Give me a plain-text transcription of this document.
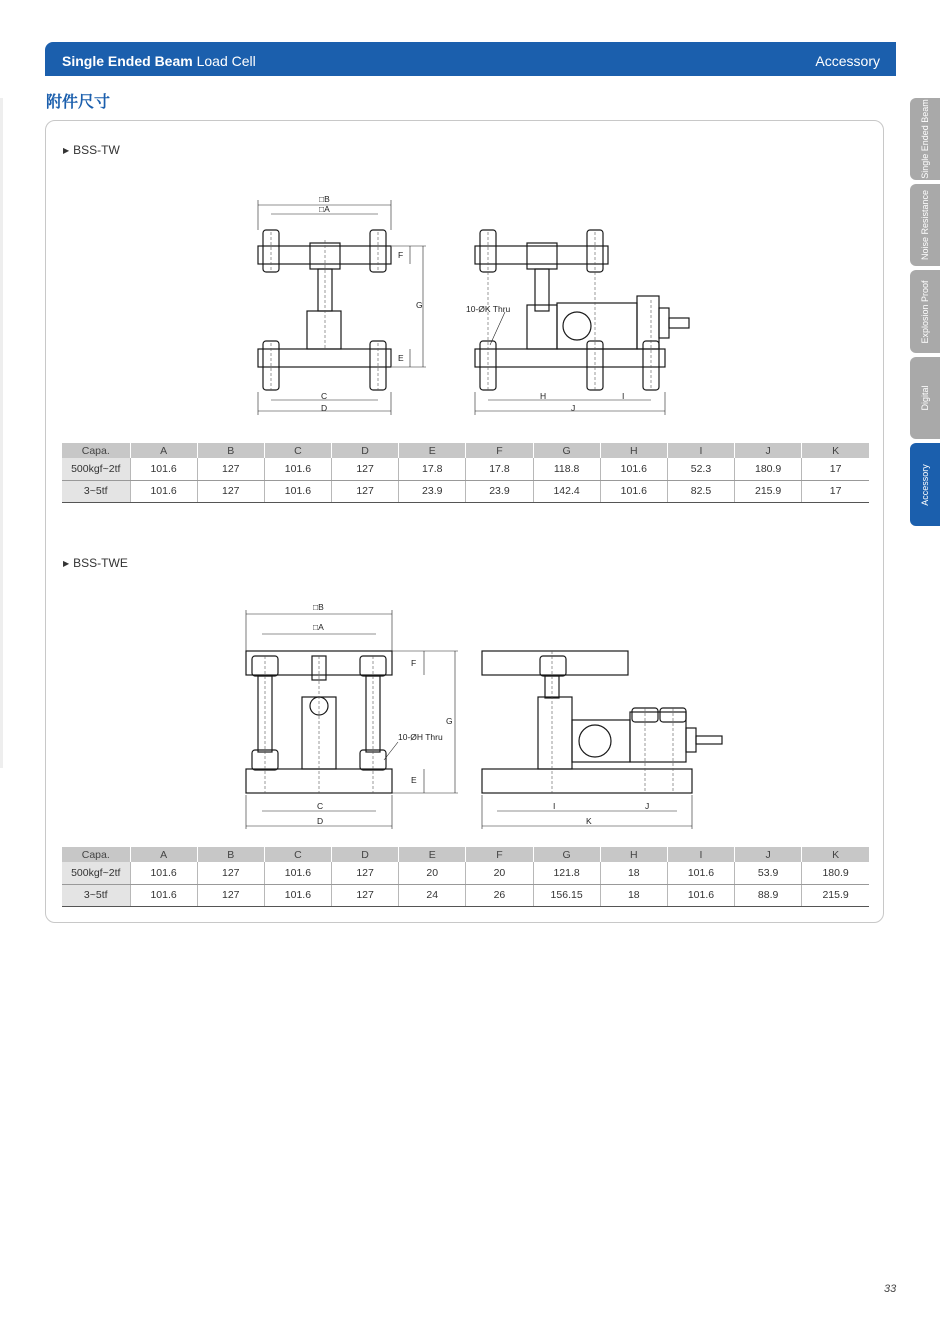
Single Ended Beam Load Cell	Accessory
附件尺寸	Single Ended Beam
Noise Resistance
Explosion Proof
Digital
Accessory
▶ BSS-TW
□B
□A
F
G
E
C
D
10-ØK Thru
H	I
J
□B
□A
F
G
E
10-ØH Thru
C
D
I	J
K
Capa.	A	B	C	D	E	F	G	H	I	J	K
500kgf~2tf	101.6	127	101.6	127	17.8	17.8	118.8	101.6	52.3	180.9	17
3~5tf	101.6	127	101.6	127	23.9	23.9	142.4	101.6	82.5	215.9	17
▶ BSS-TWE
Capa.	A	B	C	D	E	F	G	H	I	J	K
500kgf~2tf	101.6	127	101.6	127	20	20	121.8	18	101.6	53.9	180.9
3~5tf	101.6	127	101.6	127	24	26	156.15	18	101.6	88.9	215.9
33
